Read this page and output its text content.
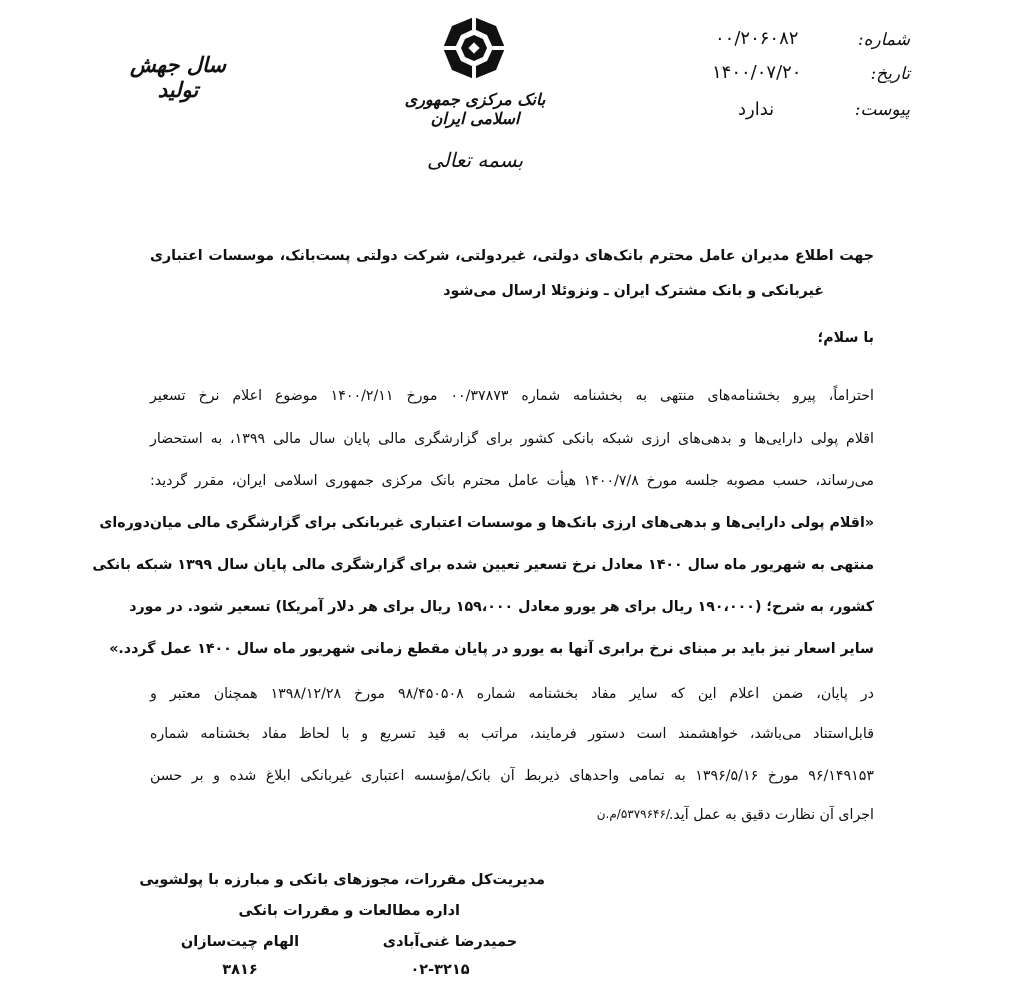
سال جهش تولید	بانک مرکزی جمهوری اسلامی ایران
بسمه تعالی
شماره:
تاریخ:
پیوست:
۰۰/۲۰۶۰۸۲
۱۴۰۰/۰۷/۲۰
ندارد
جهت اطلاع مدیران عامل محترم بانک‌های دولتی، غیردولتی، شرکت دولتی پست‌بانک، موسسات اعتباری
غیربانکی و بانک مشترک ایران ـ ونزوئلا ارسال می‌شود
با سلام؛
احتراماً، پیرو بخشنامه‌های منتهی به بخشنامه شماره ۰۰/۳۷۸۷۳ مورخ ۱۴۰۰/۲/۱۱ موضوع اعلام نرخ تسعیر
اقلام پولی دارایی‌ها و بدهی‌های ارزی شبکه بانکی کشور برای گزارشگری مالی پایان سال مالی ۱۳۹۹، به استحضار
می‌رساند، حسب مصوبه جلسه مورخ ۱۴۰۰/۷/۸ هیأت عامل محترم بانک مرکزی جمهوری اسلامی ایران، مقرر گردید:
«اقلام پولی دارایی‌ها و بدهی‌های ارزی بانک‌ها و موسسات اعتباری غیربانکی برای گزارشگری مالی میان‌دوره‌ای
منتهی به شهریور ماه سال ۱۴۰۰ معادل نرخ تسعیر تعیین شده برای گزارشگری مالی پایان سال ۱۳۹۹ شبکه بانکی
کشور، به شرح؛ (۱۹۰،۰۰۰ ریال برای هر یورو معادل ۱۵۹،۰۰۰ ریال برای هر دلار آمریکا) تسعیر شود. در مورد
سایر اسعار نیز باید بر مبنای نرخ برابری آنها به یورو در پایان مقطع زمانی شهریور ماه سال ۱۴۰۰ عمل گردد.»
در پایان، ضمن اعلام این که سایر مفاد بخشنامه شماره ۹۸/۴۵۰۵۰۸ مورخ ۱۳۹۸/۱۲/۲۸ همچنان معتبر و
قابل‌استناد می‌باشد، خواهشمند است دستور فرمایند، مراتب به قید تسریع و با لحاظ مفاد بخشنامه شماره
۹۶/۱۴۹۱۵۳ مورخ ۱۳۹۶/۵/۱۶ به تمامی واحدهای ذیربط آن بانک/مؤسسه اعتباری غیربانکی ابلاغ شده و بر حسن
اجرای آن نظارت دقیق به عمل آید.
/۵۳۷۹۶۴۶/م.ن
مدیریت‌کل مقررات، مجوزهای بانکی و مبارزه با پولشویی
اداره مطالعات و مقررات بانکی
حمیدرضا غنی‌آبادی
الهام چیت‌سازان
۰۲-۳۲۱۵
۳۸۱۶
